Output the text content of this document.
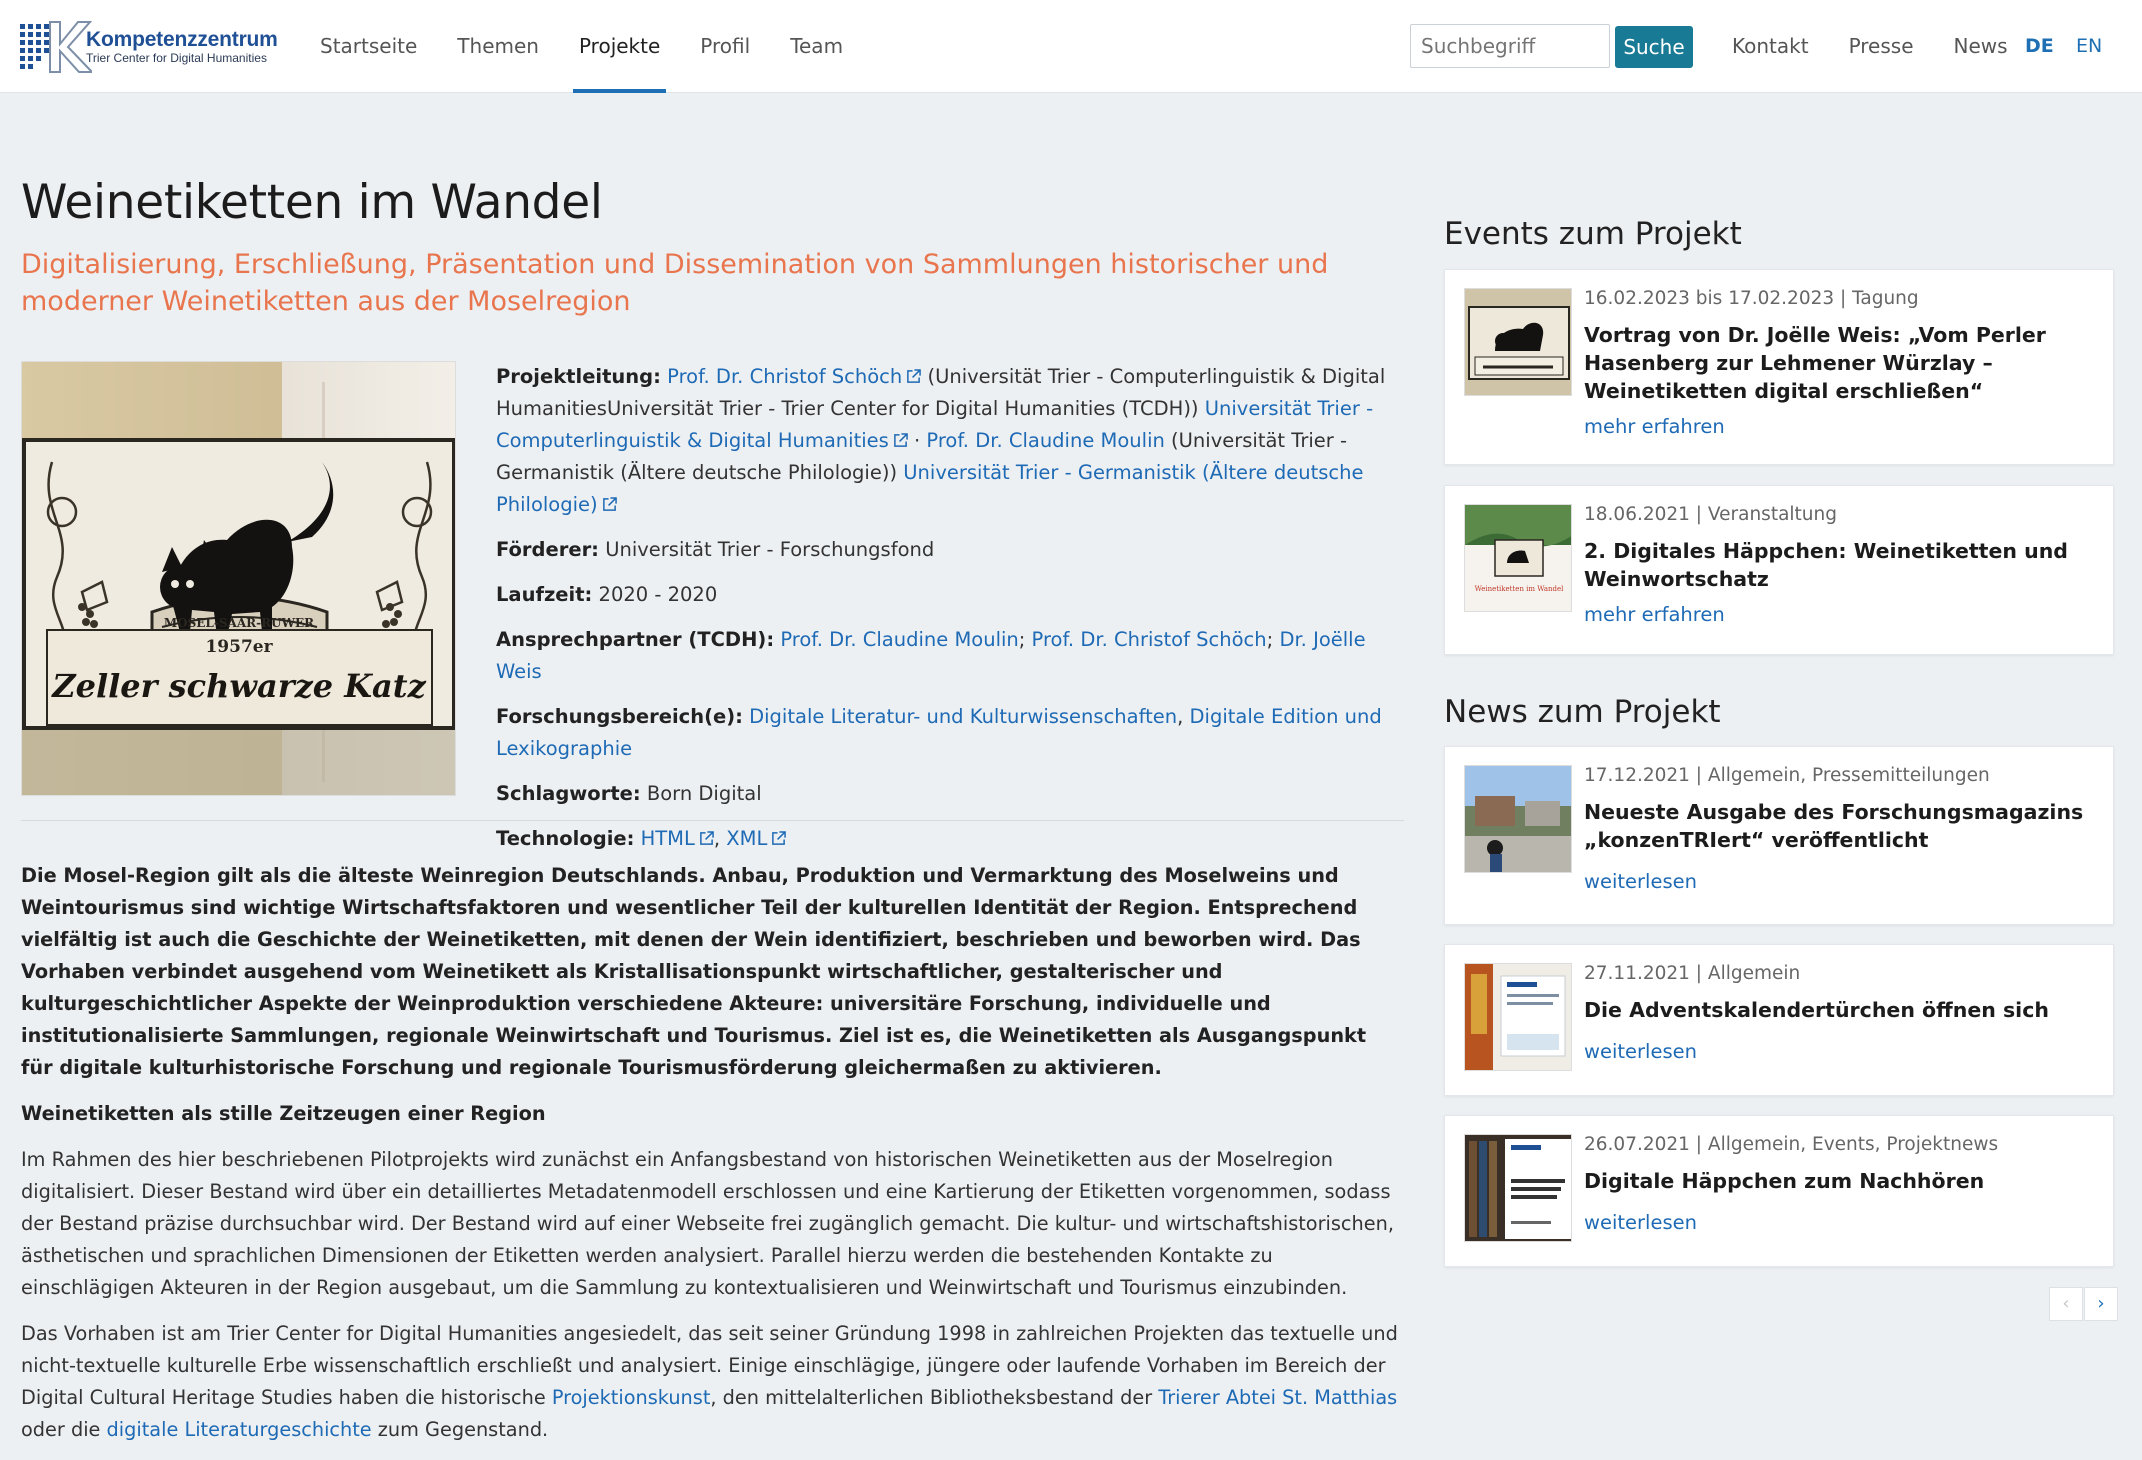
Kompetenzzentrum
Trier Center for Digital Humanities	Startseite	Themen	Projekte	Profil	Team
Suchbegriff	Suche	Kontakt	Presse	News DE EN
Weinetiketten im Wandel
Digitalisierung, Erschließung, Präsentation und Dissemination von Sammlungen historischer und moderner Weinetiketten aus der Moselregion
MOSEL-SAAR-RUWER
1957er
Zeller schwarze Katz

Projektleitung: Prof. Dr. Christof Schöch (Universität Trier - Computerlinguistik & Digital HumanitiesUniversität Trier - Trier Center for Digital Humanities (TCDH)) Universität Trier - Computerlinguistik & Digital Humanities · Prof. Dr. Claudine Moulin (Universität Trier - Germanistik (Ältere deutsche Philologie)) Universität Trier - Germanistik (Ältere deutsche Philologie)

Förderer: Universität Trier - Forschungsfond

Laufzeit: 2020 - 2020

Ansprechpartner (TCDH): Prof. Dr. Claudine Moulin; Prof. Dr. Christof Schöch; Dr. Joëlle Weis

Forschungsbereich(e): Digitale Literatur- und Kulturwissenschaften, Digitale Edition und Lexikographie

Schlagworte: Born Digital

Technologie: HTML , XML

Die Mosel-Region gilt als die älteste Weinregion Deutschlands. Anbau, Produktion und Vermarktung des Moselweins und Weintourismus sind wichtige Wirtschaftsfaktoren und wesentlicher Teil der kulturellen Identität der Region. Entsprechend vielfältig ist auch die Geschichte der Weinetiketten, mit denen der Wein identifiziert, beschrieben und beworben wird. Das Vorhaben verbindet ausgehend vom Weinetikett als Kristallisationspunkt wirtschaftlicher, gestalterischer und kulturgeschichtlicher Aspekte der Weinproduktion verschiedene Akteure: universitäre Forschung, individuelle und institutionalisierte Sammlungen, regionale Weinwirtschaft und Tourismus. Ziel ist es, die Weinetiketten als Ausgangspunkt für digitale kulturhistorische Forschung und regionale Tourismusförderung gleichermaßen zu aktivieren.

Weinetiketten als stille Zeitzeugen einer Region

Im Rahmen des hier beschriebenen Pilotprojekts wird zunächst ein Anfangsbestand von historischen Weinetiketten aus der Moselregion digitalisiert. Dieser Bestand wird über ein detailliertes Metadatenmodell erschlossen und eine Kartierung der Etiketten vorgenommen, sodass der Bestand präzise durchsuchbar wird. Der Bestand wird auf einer Webseite frei zugänglich gemacht. Die kultur- und wirtschaftshistorischen, ästhetischen und sprachlichen Dimensionen der Etiketten werden analysiert. Parallel hierzu werden die bestehenden Kontakte zu einschlägigen Akteuren in der Region ausgebaut, um die Sammlung zu kontextualisieren und Weinwirtschaft und Tourismus einzubinden.

Das Vorhaben ist am Trier Center for Digital Humanities angesiedelt, das seit seiner Gründung 1998 in zahlreichen Projekten das textuelle und nicht-textuelle kulturelle Erbe wissenschaftlich erschließt und analysiert. Einige einschlägige, jüngere oder laufende Vorhaben im Bereich der Digital Cultural Heritage Studies haben die historische Projektionskunst, den mittelalterlichen Bibliotheksbestand der Trierer Abtei St. Matthias oder die digitale Literaturgeschichte zum Gegenstand.

Events zum Projekt
16.02.2023 bis 17.02.2023 | Tagung
Vortrag von Dr. Joëlle Weis: „Vom Perler Hasenberg zur Lehmener Würzlay – Weinetiketten digital erschließen“
mehr erfahren
Weinetiketten im Wandel
18.06.2021 | Veranstaltung
2. Digitales Häppchen: Weinetiketten und Weinwortschatz
mehr erfahren
News zum Projekt
17.12.2021 | Allgemein, Pressemitteilungen
Neueste Ausgabe des Forschungsmagazins „konzenTRIert“ veröffentlicht
weiterlesen
27.11.2021 | Allgemein
Die Adventskalendertürchen öffnen sich
weiterlesen
26.07.2021 | Allgemein, Events, Projektnews
Digitale Häppchen zum Nachhören
weiterlesen
‹	›
